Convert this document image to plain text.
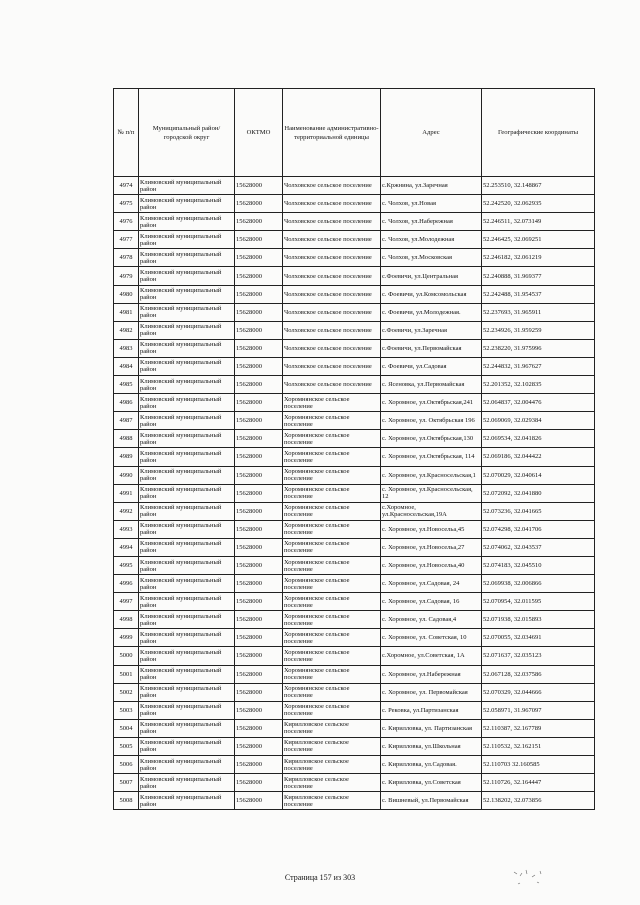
№ п/п	Муниципальный район/городской округ	ОКТМО	Наименование административно-территориальной единицы	Адрес	Географические координаты
4974	Климовский муниципальный район	15628000	Чолховское сельское поселение	с.Кржнина, ул.Заречная	52.253510, 32.148867
4975	Климовский муниципальный район	15628000	Чолховское сельское поселение	с. Чолхов, ул.Новая	52.242520, 32.062935
4976	Климовский муниципальный район	15628000	Чолховское сельское поселение	с. Чолхов, ул.Набережная	52.246511, 32.073149
4977	Климовский муниципальный район	15628000	Чолховское сельское поселение	с. Чолхов, ул.Молодежная	52.246425, 32.069251
4978	Климовский муниципальный район	15628000	Чолховское сельское поселение	с. Чолхов, ул.Московская	52.246182, 32.061219
4979	Климовский муниципальный район	15628000	Чолховское сельское поселение	с.Фоевичи, ул.Центральная	52.240888, 31.969377
4980	Климовский муниципальный район	15628000	Чолховское сельское поселение	с. Фоевичи, ул.Комсомольская	52.242488, 31.954537
4981	Климовский муниципальный район	15628000	Чолховское сельское поселение	с. Фоевичи, ул.Молодежная.	52.237693, 31.965911
4982	Климовский муниципальный район	15628000	Чолховское сельское поселение	с.Фоевичи, ул.Заречная	52.234926, 31.959259
4983	Климовский муниципальный район	15628000	Чолховское сельское поселение	с.Фоевичи, ул.Первомайская	52.238220, 31.975996
4984	Климовский муниципальный район	15628000	Чолховское сельское поселение	с. Фоевичи, ул.Садовая	52.244832, 31.967627
4985	Климовский муниципальный район	15628000	Чолховское сельское поселение	с. Ясеновка, ул.Первомайская	52.201352, 32.102835
4986	Климовский муниципальный район	15628000	Хоромнянское сельское поселение	с. Хоромное, ул.Октябрьская,241	52.064837, 32.004476
4987	Климовский муниципальный район	15628000	Хоромнянское сельское поселение	с. Хоромное, ул. Октябрьская 196	52.069069, 32.029384
4988	Климовский муниципальный район	15628000	Хоромнянское сельское поселение	с. Хоромное, ул.Октябрьская,130	52.069534, 32.041826
4989	Климовский муниципальный район	15628000	Хоромнянское сельское поселение	с. Хоромное, ул.Октябрьская, 114	52.069186, 32.044422
4990	Климовский муниципальный район	15628000	Хоромнянское сельское поселение	с. Хоромное, ул.Красносельская,1	52.070029, 32.040614
4991	Климовский муниципальный район	15628000	Хоромнянское сельское поселение	с. Хоромное, ул.Красносельская, 12	52.072092, 32.041880
4992	Климовский муниципальный район	15628000	Хоромнянское сельское поселение	с.Хоромное, ул.Красносельская,19А	52.073236, 32.041665
4993	Климовский муниципальный район	15628000	Хоромнянское сельское поселение	с. Хоромное, ул.Новосельа,45	52.074298, 32.041706
4994	Климовский муниципальный район	15628000	Хоромнянское сельское поселение	с. Хоромное, ул.Новосельа,27	52.074062, 32.043537
4995	Климовский муниципальный район	15628000	Хоромнянское сельское поселение	с. Хоромное, ул.Новосельа,40	52.074183, 32.045510
4996	Климовский муниципальный район	15628000	Хоромнянское сельское поселение	с. Хоромное, ул.Садовая, 24	52.069938, 32.006866
4997	Климовский муниципальный район	15628000	Хоромнянское сельское поселение	с. Хоромное, ул.Садовая, 16	52.070954, 32.011595
4998	Климовский муниципальный район	15628000	Хоромнянское сельское поселение	с. Хоромное, ул. Садовая,4	52.071938, 32.015893
4999	Климовский муниципальный район	15628000	Хоромнянское сельское поселение	с. Хоромное, ул. Советская, 10	52.070055, 32.034691
5000	Климовский муниципальный район	15628000	Хоромнянское сельское поселение	с.Хоромное, ул.Советская, 1А	52.071637, 32.035123
5001	Климовский муниципальный район	15628000	Хоромнянское сельское поселение	с. Хоромное, ул.Набережная	52.067128, 32.037586
5002	Климовский муниципальный район	15628000	Хоромнянское сельское поселение	с. Хоромное, ул. Первомайская	52.070329, 32.044666
5003	Климовский муниципальный район	15628000	Хоромнянское сельское поселение	с. Рековка, ул.Партизанская	52.058971, 31.967097
5004	Климовский муниципальный район	15628000	Кирилловское сельское поселение	с. Кирилловка, ул. Партизанская	52.110387, 32.167789
5005	Климовский муниципальный район	15628000	Кирилловское сельское поселение	с. Кирилловка, ул.Школьная	52.110532, 32.162151
5006	Климовский муниципальный район	15628000	Кирилловское сельское поселение	с. Кирилловка, ул.Садовая.	52.110703 32.160585
5007	Климовский муниципальный район	15628000	Кирилловское сельское поселение	с. Кирилловка, ул.Советская	52.110726, 32.164447
5008	Климовский муниципальный район	15628000	Кирилловское сельское поселение	с. Вишневый, ул.Первомайская	52.138202, 32.073856
Страница 157 из 303
